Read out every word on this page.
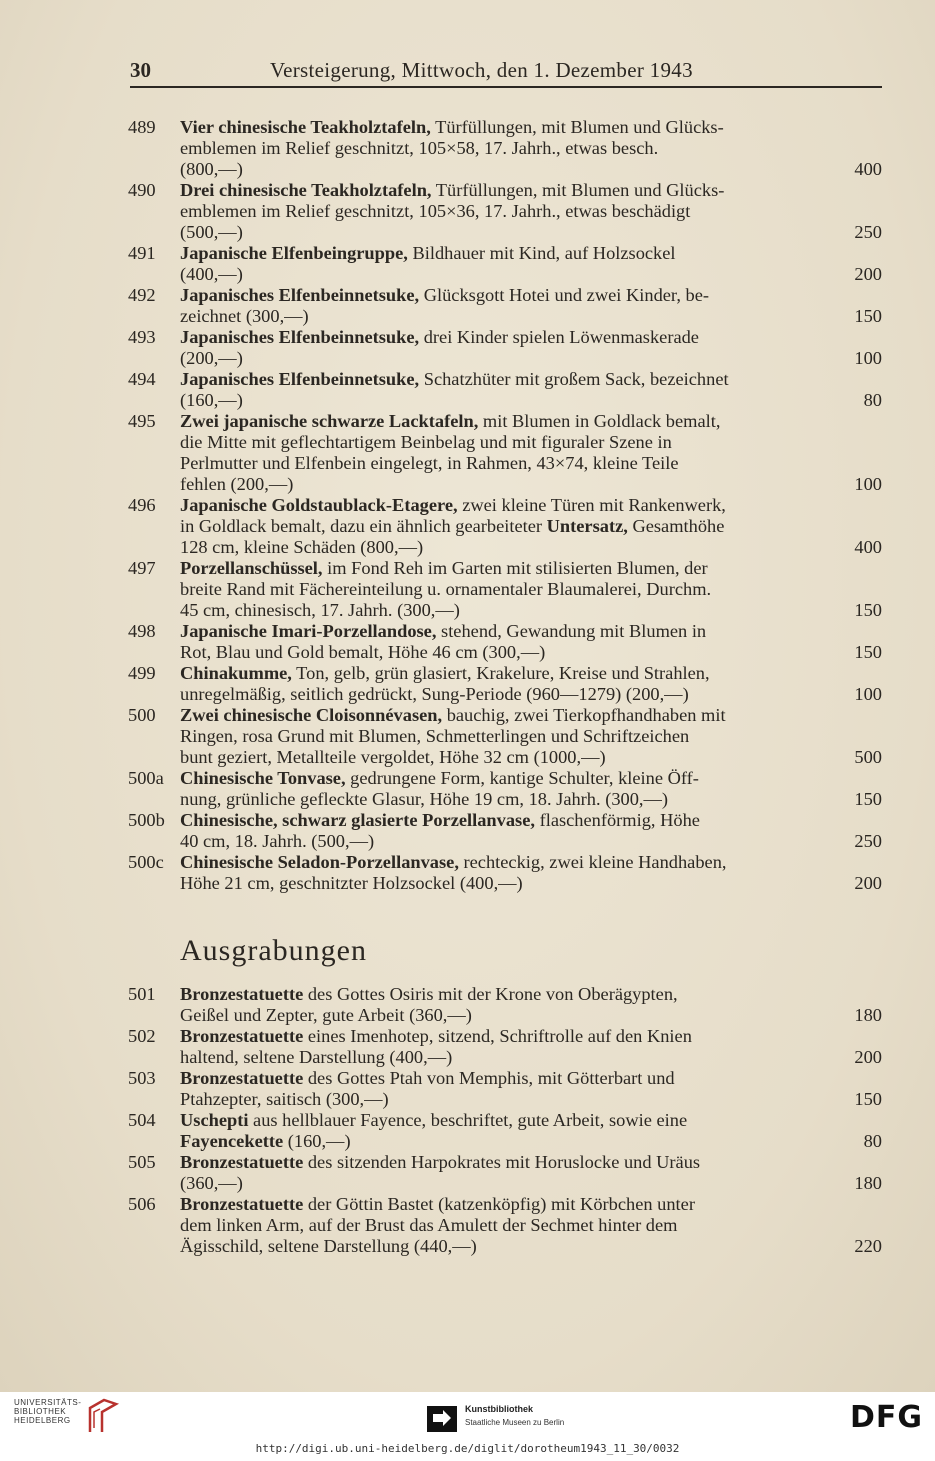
30	Versteigerung, Mittwoch, den 1. Dezember 1943
489	Vier chinesische Teakholztafeln, Türfüllungen, mit Blumen und Glücks-
emblemen im Relief geschnitzt, 105×58, 17. Jahrh., etwas besch.
(800,—)	400
490	Drei chinesische Teakholztafeln, Türfüllungen, mit Blumen und Glücks-
emblemen im Relief geschnitzt, 105×36, 17. Jahrh., etwas beschädigt
(500,—)	250
491	Japanische Elfenbeingruppe, Bildhauer mit Kind, auf Holzsockel
(400,—)	200
492	Japanisches Elfenbeinnetsuke, Glücksgott Hotei und zwei Kinder, be-
zeichnet (300,—)	150
493	Japanisches Elfenbeinnetsuke, drei Kinder spielen Löwenmaskerade
(200,—)	100
494	Japanisches Elfenbeinnetsuke, Schatzhüter mit großem Sack, bezeichnet
(160,—)	80
495	Zwei japanische schwarze Lacktafeln, mit Blumen in Goldlack bemalt,
die Mitte mit geflechtartigem Beinbelag und mit figuraler Szene in
Perlmutter und Elfenbein eingelegt, in Rahmen, 43×74, kleine Teile
fehlen (200,—)	100
496	Japanische Goldstaublack-Etagere, zwei kleine Türen mit Rankenwerk,
in Goldlack bemalt, dazu ein ähnlich gearbeiteter Untersatz, Gesamthöhe
128 cm, kleine Schäden (800,—)	400
497	Porzellanschüssel, im Fond Reh im Garten mit stilisierten Blumen, der
breite Rand mit Fächereinteilung u. ornamentaler Blaumalerei, Durchm.
45 cm, chinesisch, 17. Jahrh. (300,—)	150
498	Japanische Imari-Porzellandose, stehend, Gewandung mit Blumen in
Rot, Blau und Gold bemalt, Höhe 46 cm (300,—)	150
499	Chinakumme, Ton, gelb, grün glasiert, Krakelure, Kreise und Strahlen,
unregelmäßig, seitlich gedrückt, Sung-Periode (960—1279) (200,—)	100
500	Zwei chinesische Cloisonnévasen, bauchig, zwei Tierkopfhandhaben mit
Ringen, rosa Grund mit Blumen, Schmetterlingen und Schriftzeichen
bunt geziert, Metallteile vergoldet, Höhe 32 cm (1000,—)	500
500a Chinesische Tonvase, gedrungene Form, kantige Schulter, kleine Öff-
nung, grünliche gefleckte Glasur, Höhe 19 cm, 18. Jahrh. (300,—)	150
500b Chinesische, schwarz glasierte Porzellanvase, flaschenförmig, Höhe
40 cm, 18. Jahrh. (500,—)	250
500c Chinesische Seladon-Porzellanvase, rechteckig, zwei kleine Handhaben,
Höhe 21 cm, geschnitzter Holzsockel (400,—)	200
Ausgrabungen
501	Bronzestatuette des Gottes Osiris mit der Krone von Oberägypten,
Geißel und Zepter, gute Arbeit (360,—)	180
502	Bronzestatuette eines Imenhotep, sitzend, Schriftrolle auf den Knien
haltend, seltene Darstellung (400,—)	200
503	Bronzestatuette des Gottes Ptah von Memphis, mit Götterbart und
Ptahzepter, saitisch (300,—)	150
504	Uschepti aus hellblauer Fayence, beschriftet, gute Arbeit, sowie eine
Fayencekette (160,—)	80
505	Bronzestatuette des sitzenden Harpokrates mit Horuslocke und Uräus
(360,—)	180
506	Bronzestatuette der Göttin Bastet (katzenköpfig) mit Körbchen unter
dem linken Arm, auf der Brust das Amulett der Sechmet hinter dem
Ägisschild, seltene Darstellung (440,—)	220
UNIVERSITÄTS-
BIBLIOTHEK
HEIDELBERG
Kunstbibliothek
Staatliche Museen zu Berlin	DFG
http://digi.ub.uni-heidelberg.de/diglit/dorotheum1943_11_30/0032
